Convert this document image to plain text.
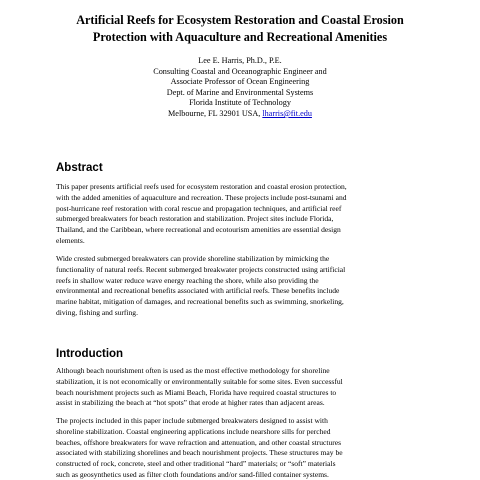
Artificial Reefs for Ecosystem Restoration and Coastal Erosion
Protection with Aquaculture and Recreational Amenities
Lee E. Harris, Ph.D., P.E.
Consulting Coastal and Oceanographic Engineer and
Associate Professor of Ocean Engineering
Dept. of Marine and Environmental Systems
Florida Institute of Technology
Melbourne, FL 32901 USA, lharris@fit.edu
Abstract
This paper presents artificial reefs used for ecosystem restoration and coastal erosion protection,
with the added amenities of aquaculture and recreation. These projects include post-tsunami and
post-hurricane reef restoration with coral rescue and propagation techniques, and artificial reef
submerged breakwaters for beach restoration and stabilization. Project sites include Florida,
Thailand, and the Caribbean, where recreational and ecotourism amenities are essential design
elements.
Wide crested submerged breakwaters can provide shoreline stabilization by mimicking the
functionality of natural reefs. Recent submerged breakwater projects constructed using artificial
reefs in shallow water reduce wave energy reaching the shore, while also providing the
environmental and recreational benefits associated with artificial reefs. These benefits include
marine habitat, mitigation of damages, and recreational benefits such as swimming, snorkeling,
diving, fishing and surfing.
Introduction
Although beach nourishment often is used as the most effective methodology for shoreline
stabilization, it is not economically or environmentally suitable for some sites. Even successful
beach nourishment projects such as Miami Beach, Florida have required coastal structures to
assist in stabilizing the beach at “hot spots” that erode at higher rates than adjacent areas.
The projects included in this paper include submerged breakwaters designed to assist with
shoreline stabilization. Coastal engineering applications include nearshore sills for perched
beaches, offshore breakwaters for wave refraction and attenuation, and other coastal structures
associated with stabilizing shorelines and beach nourishment projects. These structures may be
constructed of rock, concrete, steel and other traditional “hard” materials; or “soft” materials
such as geosynthetics used as filter cloth foundations and/or sand-filled container systems.
